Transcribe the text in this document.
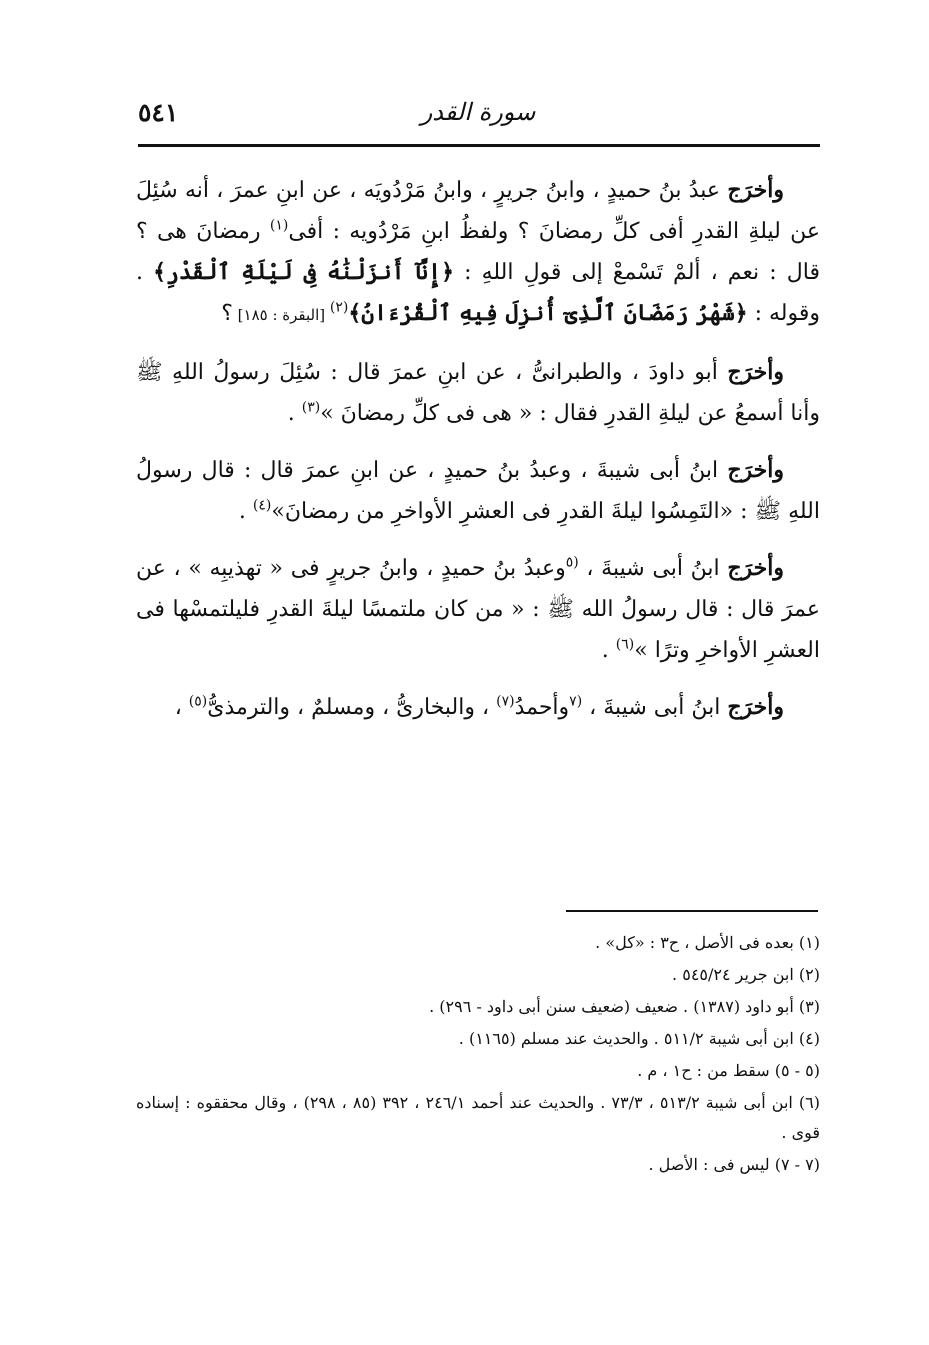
٥٤١	سورة القدر

وأخرَج عبدُ بنُ حميدٍ ، وابنُ جريرٍ ، وابنُ مَرْدُويَه ، عن ابنِ عمرَ ، أنه سُئِلَ عن ليلةِ القدرِ أفى كلِّ رمضانَ ؟ ولفظُ ابنِ مَرْدُويه : أفى$^{(١)}$ رمضانَ هى ؟ قال : نعم ، ألمْ تَسْمعْ إلى قولِ اللهِ : ﴿إِنَّآ أَنزَلْنَٰهُ فِى لَيْلَةِ ٱلْقَدْرِ﴾ . وقوله : ﴿شَهْرُ رَمَضَانَ ٱلَّذِىٓ أُنزِلَ فِيهِ ٱلْقُرْءَانُ﴾$^{(٢)}$ [البقرة : ١٨٥] ؟

وأخرَج أبو داودَ ، والطبرانىُّ ، عن ابنِ عمرَ قال : سُئِلَ رسولُ اللهِ ﷺ وأنا أسمعُ عن ليلةِ القدرِ فقال : « هى فى كلِّ رمضانَ »$^{(٣)}$ .

وأخرَج ابنُ أبى شيبةَ ، وعبدُ بنُ حميدٍ ، عن ابنِ عمرَ قال : قال رسولُ اللهِ ﷺ : «التَمِسُوا ليلةَ القدرِ فى العشرِ الأواخرِ من رمضانَ»$^{(٤)}$ .

وأخرَج ابنُ أبى شيبةَ ، $^{(٥}$وعبدُ بنُ حميدٍ ، وابنُ جريرٍ فى « تهذيبِه » ، عن عمرَ قال : قال رسولُ الله ﷺ : « من كان ملتمسًا ليلةَ القدرِ فليلتمسْها فى العشرِ الأواخرِ وترًا »$^{(٦)}$ .

وأخرَج ابنُ أبى شيبةَ ، $^{(٧}$وأحمدُ$^{(٧)}$ ، والبخارىُّ ، ومسلمٌ ، والترمذىُّ$^{(٥)}$ ،

(١) بعده فى الأصل ، ح٣ : «كل» .
(٢) ابن جرير ٥٤٥/٢٤ .
(٣) أبو داود (١٣٨٧) . ضعيف (ضعيف سنن أبى داود - ٢٩٦) .
(٤) ابن أبى شيبة ٥١١/٢ . والحديث عند مسلم (١١٦٥) .
(٥ - ٥) سقط من : ح١ ، م .
(٦) ابن أبى شيبة ٥١٣/٢ ، ٧٣/٣ . والحديث عند أحمد ٢٤٦/١ ، ٣٩٢ (٨٥ ، ٢٩٨) ، وقال محققوه : إسناده قوى .
(٧ - ٧) ليس فى : الأصل .
